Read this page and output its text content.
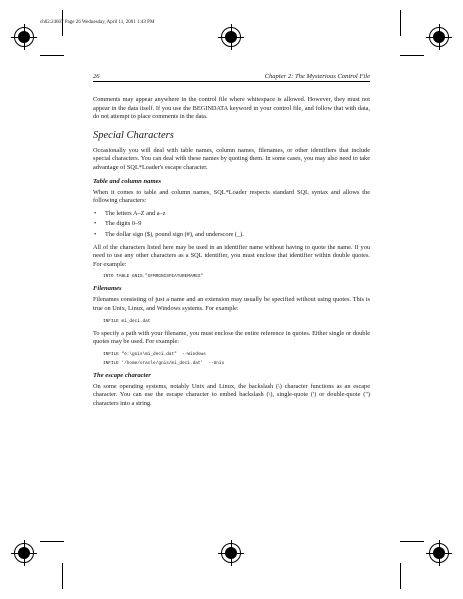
ch02.24607 Page 26 Wednesday, April 11, 2001 1:43 PM
26	Chapter 2: The Mysterious Control File

Comments may appear anywhere in the control file where whitespace is allowed. However, they must not appear in the data itself. If you use the BEGINDATA keyword in your control file, and follow that with data, do not attempt to place comments in the data.

Special Characters

Occasionally you will deal with table names, column names, filenames, or other identifiers that include special characters. You can deal with these names by quoting them. In some cases, you may also need to take advantage of SQL*Loader's escape character.

Table and column names

When it comes to table and column names, SQL*Loader respects standard SQL syntax and allows the following characters:

• The letters A–Z and a–z
• The digits 0–9
• The dollar sign ($), pound sign (#), and underscore (_).

All of the characters listed here may be used in an identifier name without having to quote the name. If you need to use any other characters as a SQL identifier, you must enclose that identifier within double quotes. For example:

INTO TABLE GNIS."GFMRGNISFEATUREMAMES"
Filenames

Filenames consisting of just a name and an extension may usually be specified without using quotes. This is true on Unix, Linux, and Windows systems. For example:

INFILE mi_deci.dat

To specify a path with your filename, you must enclose the entire reference in quotes. Either single or double quotes may be used. For example:

INFILE "e:\gnis\mi_deci.dat"  --Windows
INFILE '/home/oracle/gnis/mi_deci.dat'  --Unix
The escape character

On some operating systems, notably Unix and Linux, the backslash (\) character functions as an escape character. You can use the escape character to embed backslash (\), single-quote (') or double-quote (") characters into a string.
